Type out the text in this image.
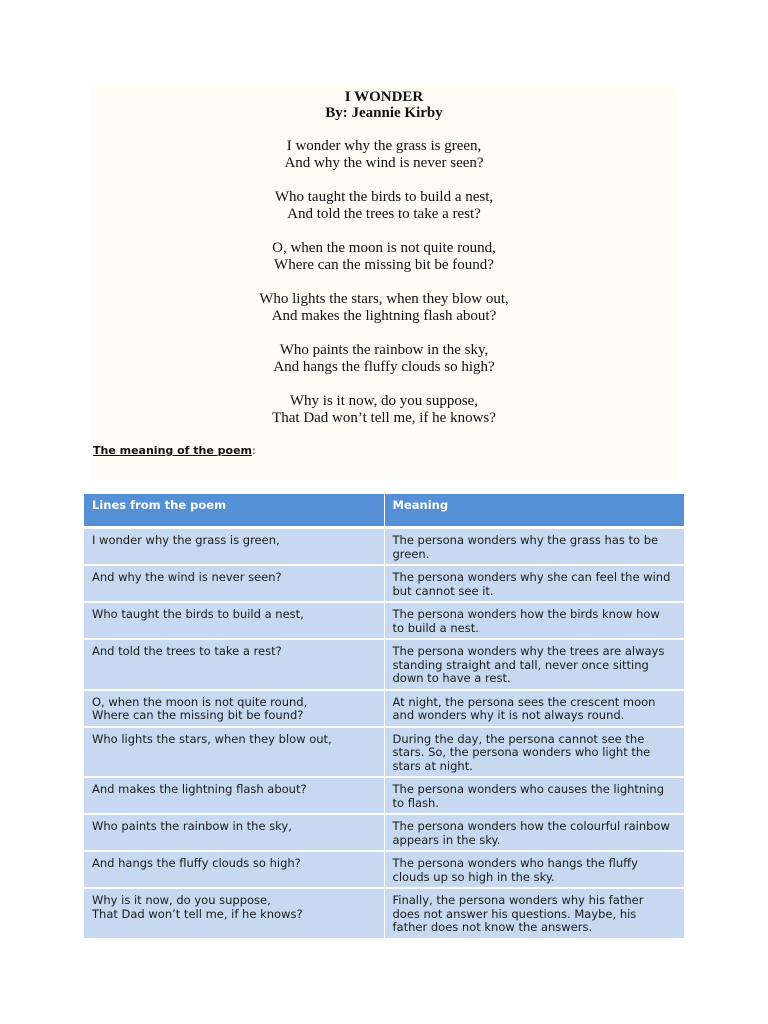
I WONDER
By: Jeannie Kirby
I wonder why the grass is green,
And why the wind is never seen?
Who taught the birds to build a nest,
And told the trees to take a rest?
O, when the moon is not quite round,
Where can the missing bit be found?
Who lights the stars, when they blow out,
And makes the lightning flash about?
Who paints the rainbow in the sky,
And hangs the fluffy clouds so high?
Why is it now, do you suppose,
That Dad won’t tell me, if he knows?
The meaning of the poem:
Lines from the poem	Meaning

I wonder why the grass is green,	The persona wonders why the grass has to be
green.

And why the wind is never seen?	The persona wonders why she can feel the wind
but cannot see it.

Who taught the birds to build a nest,	The persona wonders how the birds know how
to build a nest.

And told the trees to take a rest?	The persona wonders why the trees are always
standing straight and tall, never once sitting
down to have a rest.

O, when the moon is not quite round,
Where can the missing bit be found?	At night, the persona sees the crescent moon
and wonders why it is not always round.

Who lights the stars, when they blow out,	During the day, the persona cannot see the
stars. So, the persona wonders who light the
stars at night.

And makes the lightning flash about?	The persona wonders who causes the lightning
to flash.

Who paints the rainbow in the sky,	The persona wonders how the colourful rainbow
appears in the sky.

And hangs the fluffy clouds so high?	The persona wonders who hangs the fluffy
clouds up so high in the sky.

Why is it now, do you suppose,
That Dad won’t tell me, if he knows?	Finally, the persona wonders why his father
does not answer his questions. Maybe, his
father does not know the answers.
